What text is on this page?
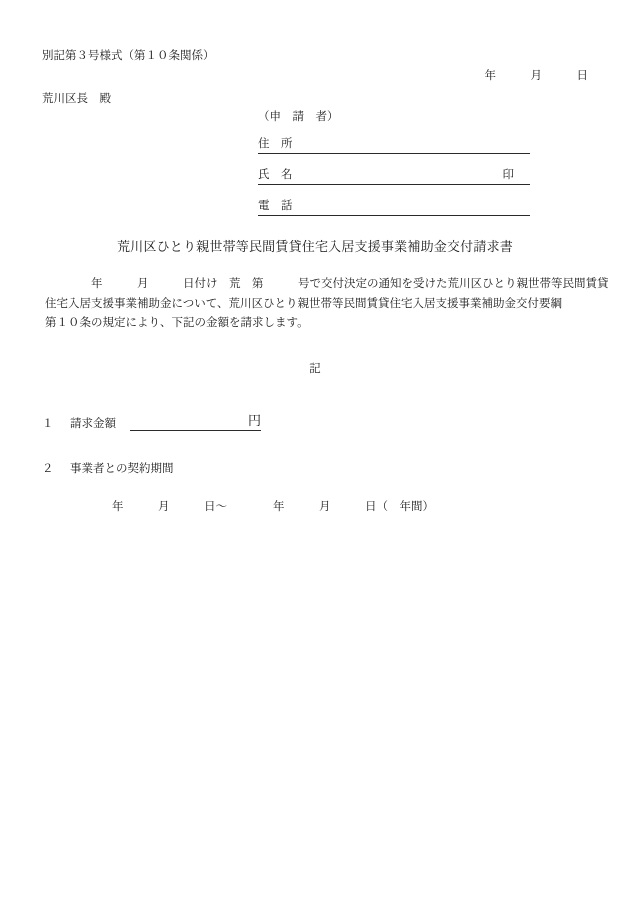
別記第３号様式（第１０条関係）
年　　　月　　　日
荒川区長　殿
（申　請　者）
住　所
氏　名	印
電　話
荒川区ひとり親世帯等民間賃貸住宅入居支援事業補助金交付請求書
　　　　年　　　月　　　日付け　荒　第　　　号で交付決定の通知を受けた荒川区ひとり親世帯等民間賃貸
住宅入居支援事業補助金について、荒川区ひとり親世帯等民間賃貸住宅入居支援事業補助金交付要綱
第１０条の規定により、下記の金額を請求します。
記
１	請求金額	円
２	事業者との契約期間
年　　　月　　　日〜　　　　年　　　月　　　日（　年間）
